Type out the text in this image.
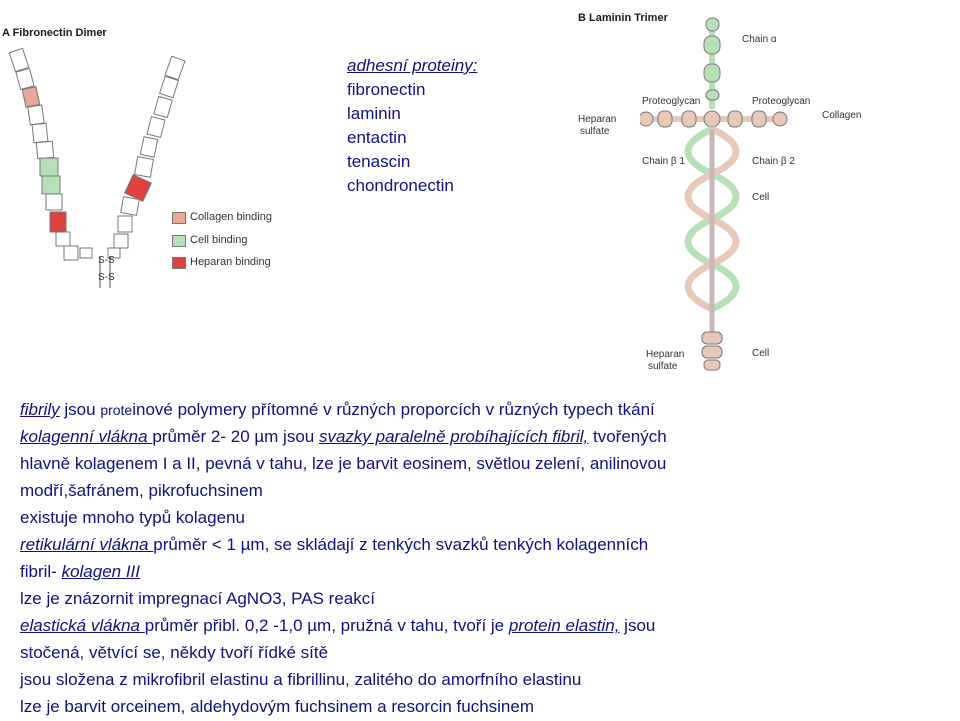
A Fibronectin Dimer
S-S
S-S
Collagen binding
Cell binding
Heparan binding
adhesní proteiny:
fibronectin
laminin
entactin
tenascin
chondronectin
B Laminin Trimer
Chain α
Proteoglycan	Proteoglycan
Heparan
sulfate
Collagen
Chain β 1	Chain β 2
Cell
Heparan
sulfate
Cell

fibrily jsou proteinové polymery přítomné v různých proporcích v různých typech tkání

kolagenní vlákna průměr 2- 20 µm jsou svazky paralelně probíhajících fibril, tvořených

hlavně kolagenem I a II, pevná v tahu, lze je barvit eosinem, světlou zelení, anilinovou

modří,šafránem, pikrofuchsinem

existuje mnoho typů kolagenu

retikulární vlákna průměr < 1 µm, se skládají z tenkých svazků tenkých kolagenních

fibril- kolagen III

lze je znázornit impregnací AgNO3, PAS reakcí

elastická vlákna průměr přibl. 0,2 -1,0 µm, pružná v tahu, tvoří je protein elastin, jsou

stočená, větvící se, někdy tvoří řídké sítě

jsou složena z mikrofibril elastinu a fibrillinu, zalitého do amorfního elastinu

lze je barvit orceinem, aldehydovým fuchsinem a resorcin fuchsinem
